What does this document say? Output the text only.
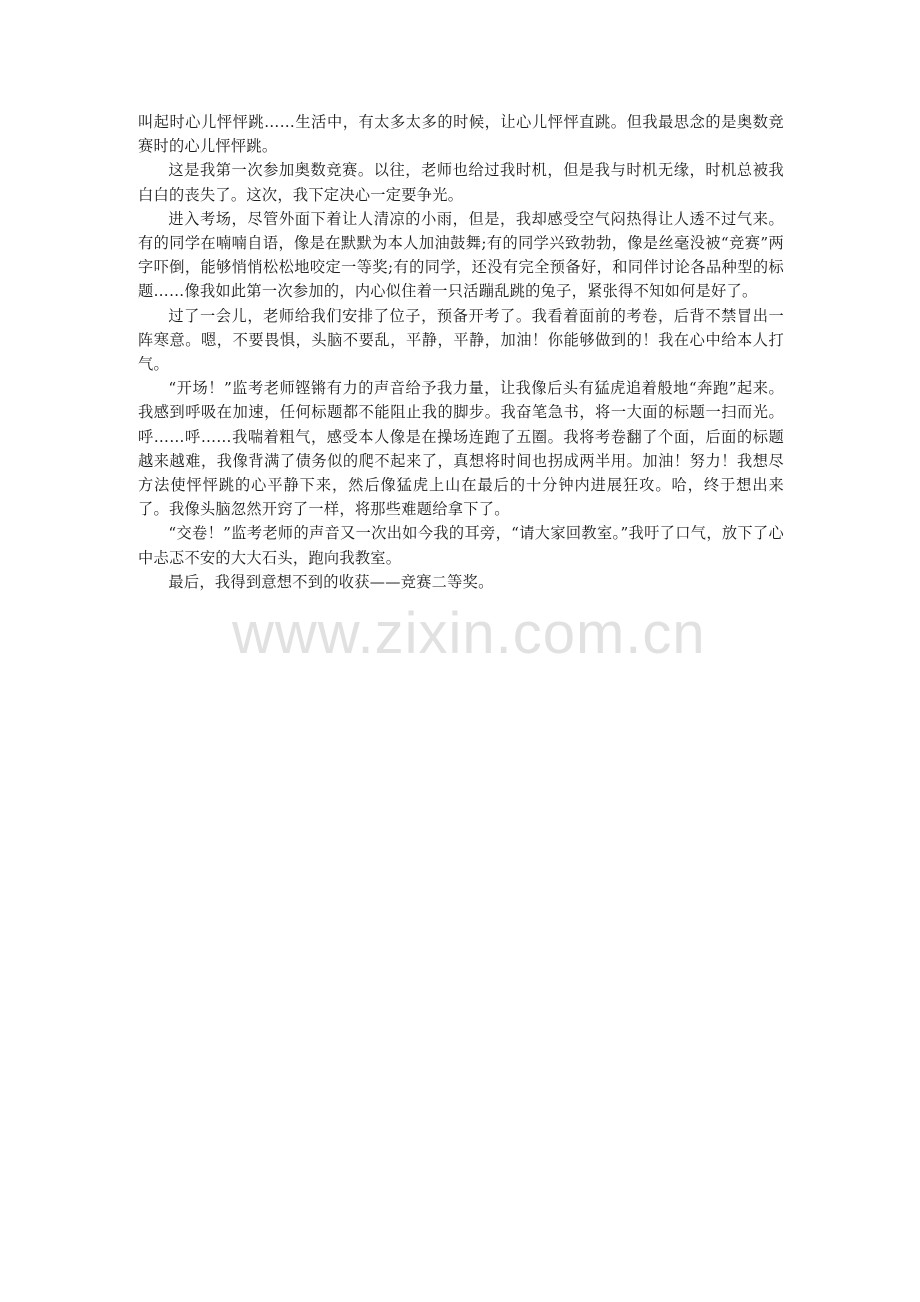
叫起时心儿怦怦跳……生活中，有太多太多的时候，让心儿怦怦直跳。但我最思念的是奥数竞赛时的心儿怦怦跳。

这是我第一次参加奥数竞赛。以往，老师也给过我时机，但是我与时机无缘，时机总被我白白的丧失了。这次，我下定决心一定要争光。

进入考场，尽管外面下着让人清凉的小雨，但是，我却感受空气闷热得让人透不过气来。有的同学在喃喃自语，像是在默默为本人加油鼓舞;有的同学兴致勃勃，像是丝毫没被“竞赛”两字吓倒，能够悄悄松松地咬定一等奖;有的同学，还没有完全预备好，和同伴讨论各品种型的标题……像我如此第一次参加的，内心似住着一只活蹦乱跳的兔子，紧张得不知如何是好了。

过了一会儿，老师给我们安排了位子，预备开考了。我看着面前的考卷，后背不禁冒出一阵寒意。嗯，不要畏惧，头脑不要乱，平静，平静，加油！你能够做到的！我在心中给本人打气。

“开场！”监考老师铿锵有力的声音给予我力量，让我像后头有猛虎追着般地“奔跑”起来。我感到呼吸在加速，任何标题都不能阻止我的脚步。我奋笔急书，将一大面的标题一扫而光。呼……呼……我喘着粗气，感受本人像是在操场连跑了五圈。我将考卷翻了个面，后面的标题越来越难，我像背满了债务似的爬不起来了，真想将时间也拐成两半用。加油！努力！我想尽方法使怦怦跳的心平静下来，然后像猛虎上山在最后的十分钟内进展狂攻。哈，终于想出来了。我像头脑忽然开窍了一样，将那些难题给拿下了。

“交卷！”监考老师的声音又一次出如今我的耳旁，“请大家回教室。”我吁了口气，放下了心中忐忑不安的大大石头，跑向我教室。

最后，我得到意想不到的收获——竞赛二等奖。

www.zixin.com.cn
